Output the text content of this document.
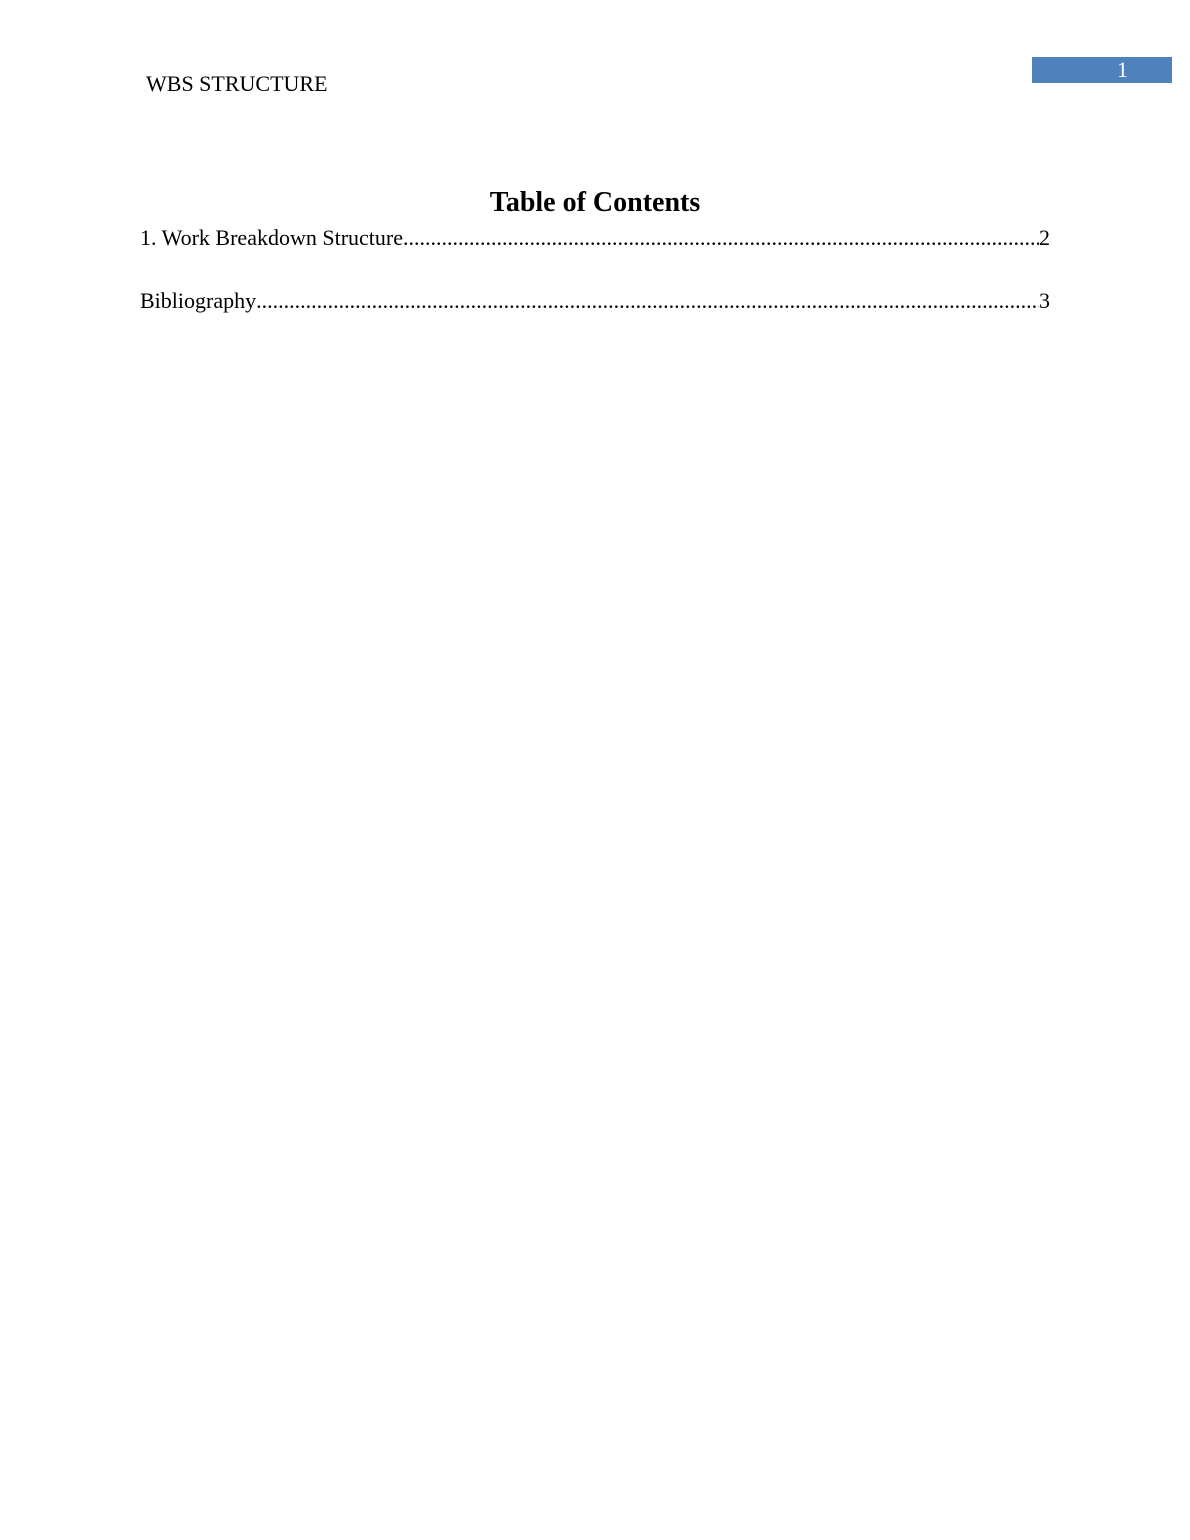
WBS STRUCTURE
1
Table of Contents
1. Work Breakdown Structure .....	2
Bibliography .....	3
